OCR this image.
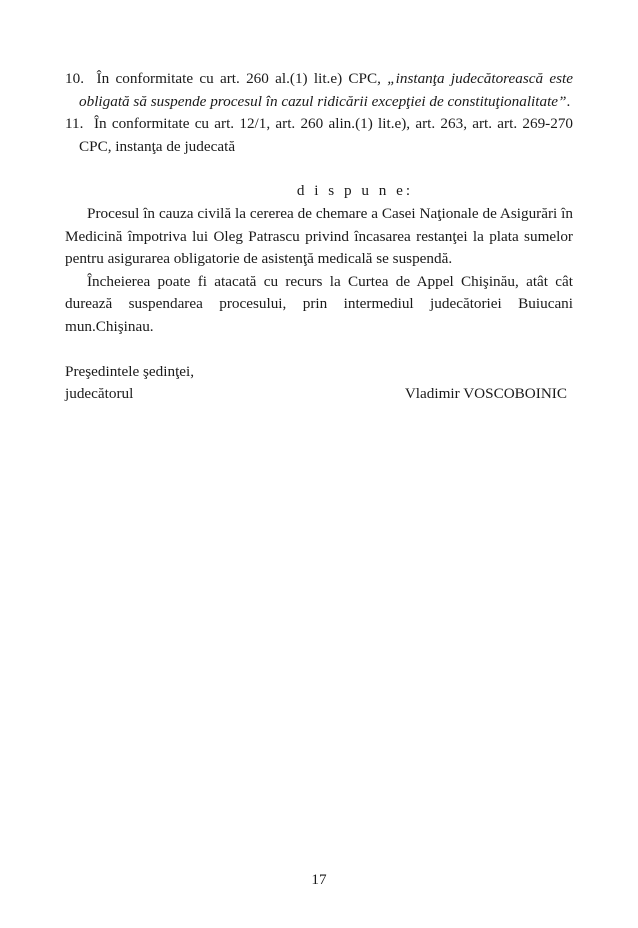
10. În conformitate cu art. 260 al.(1) lit.e) CPC, „instanţa judecătorească este obligată să suspende procesul în cazul ridicării excepţiei de constituţionalitate”.
11. În conformitate cu art. 12/1, art. 260 alin.(1) lit.e), art. 263, art. art. 269-270 CPC, instanţa de judecată
d i s p u n e:
Procesul în cauza civilă la cererea de chemare a Casei Naţionale de Asigurări în Medicină împotriva lui Oleg Patrascu privind încasarea restanţei la plata sumelor pentru asigurarea obligatorie de asistenţă medicală se suspendă.
Încheierea poate fi atacată cu recurs la Curtea de Appel Chişinău, atât cât durează suspendarea procesului, prin intermediul judecătoriei Buiucani mun.Chişinau.
Preşedintele şedinţei,
judecătorul	Vladimir VOSCOBOINIC
17
